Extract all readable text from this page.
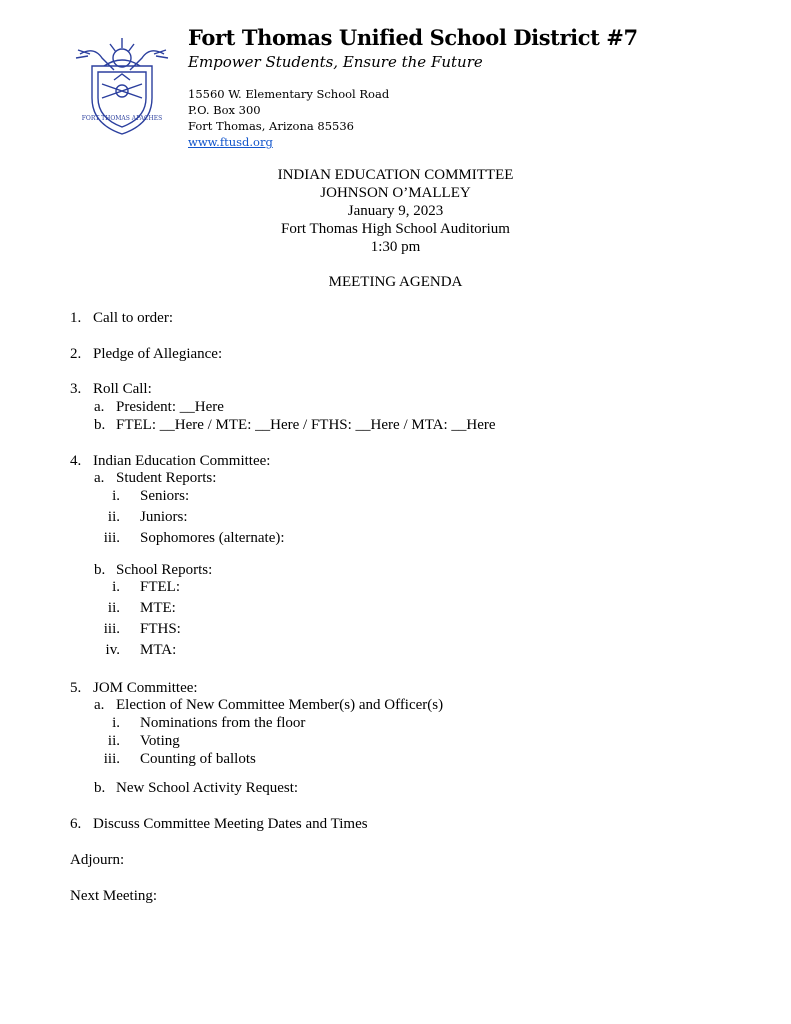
FORT THOMAS APACHES
Fort Thomas Unified School District #7
Empower Students, Ensure the Future
15560 W. Elementary School Road
P.O. Box 300
Fort Thomas, Arizona 85536
www.ftusd.org
INDIAN EDUCATION COMMITTEE
JOHNSON O’MALLEY
January 9, 2023
Fort Thomas High School Auditorium
1:30 pm
MEETING AGENDA
1. Call to order:
2. Pledge of Allegiance:
3. Roll Call:
a. President: __Here
b. FTEL: __Here / MTE: __Here / FTHS: __Here / MTA: __Here
4. Indian Education Committee:
a. Student Reports:
i. Seniors:
ii. Juniors:
iii. Sophomores (alternate):
b. School Reports:
i. FTEL:
ii. MTE:
iii. FTHS:
iv. MTA:
5. JOM Committee:
a. Election of New Committee Member(s) and Officer(s)
i. Nominations from the floor
ii. Voting
iii. Counting of ballots
b. New School Activity Request:
6. Discuss Committee Meeting Dates and Times
Adjourn:
Next Meeting:
